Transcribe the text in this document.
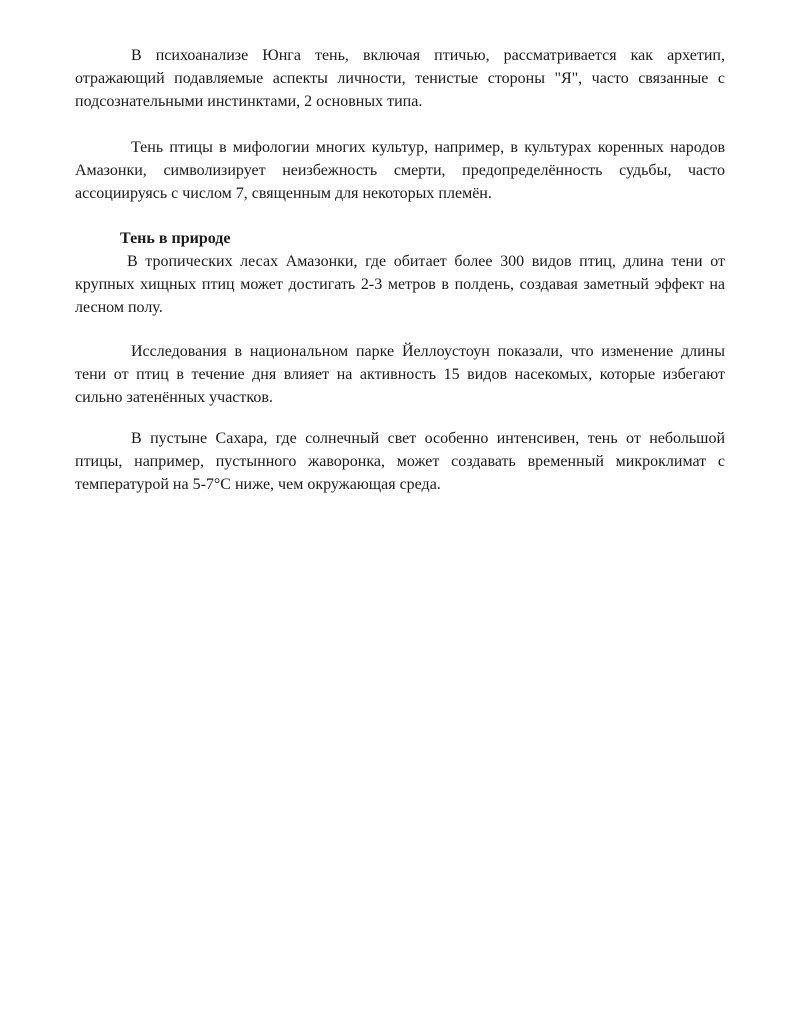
В психоанализе Юнга тень, включая птичью, рассматривается как архетип, отражающий подавляемые аспекты личности, тенистые стороны "Я", часто связанные с подсознательными инстинктами, 2 основных типа.

Тень птицы в мифологии многих культур, например, в культурах коренных народов Амазонки, символизирует неизбежность смерти, предопределённость судьбы, часто ассоциируясь с числом 7, священным для некоторых племён.

Тень в природе

В тропических лесах Амазонки, где обитает более 300 видов птиц, длина тени от крупных хищных птиц может достигать 2-3 метров в полдень, создавая заметный эффект на лесном полу.

Исследования в национальном парке Йеллоустоун показали, что изменение длины тени от птиц в течение дня влияет на активность 15 видов насекомых, которые избегают сильно затенённых участков.

В пустыне Сахара, где солнечный свет особенно интенсивен, тень от небольшой птицы, например, пустынного жаворонка, может создавать временный микроклимат с температурой на 5-7°C ниже, чем окружающая среда.
